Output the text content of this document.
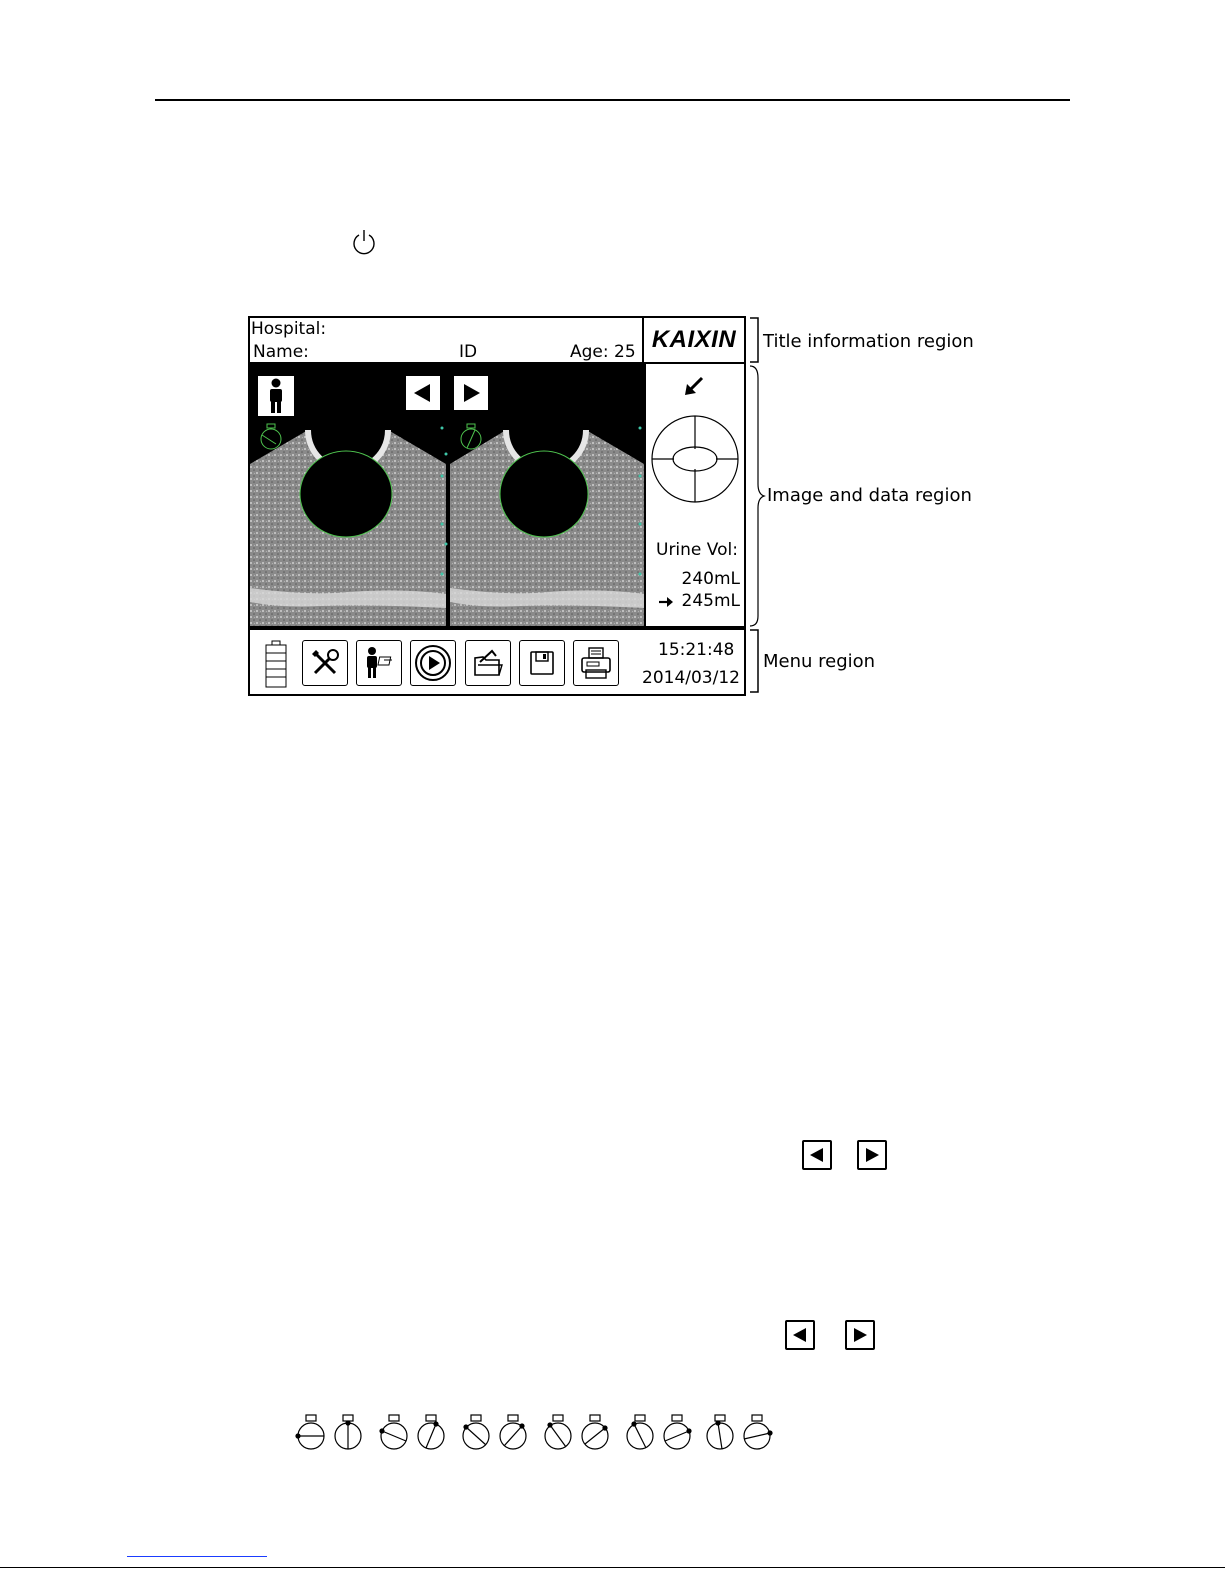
Hospital:
Name:	ID	Age: 25 KAIXIN
Urine Vol:
240mL
245mL
15:21:48
2014/03/12
Title information region
Image and data region
Menu region
